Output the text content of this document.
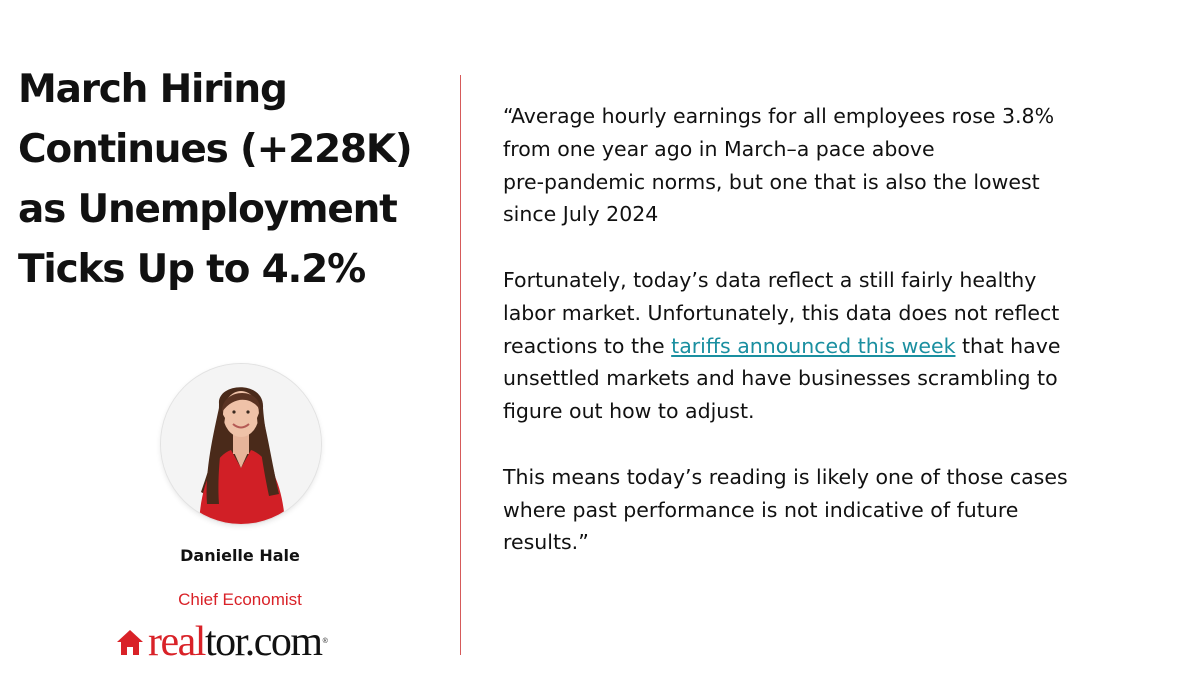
March Hiring
Continues (+228K)
as Unemployment
Ticks Up to 4.2%
Danielle Hale
Chief Economist
realtor.com®

“Average hourly earnings for all employees rose 3.8%
from one year ago in March–a pace above
pre-pandemic norms, but one that is also the lowest
since July 2024

Fortunately, today’s data reflect a still fairly healthy
labor market. Unfortunately, this data does not reflect
reactions to the tariffs announced this week that have
unsettled markets and have businesses scrambling to
figure out how to adjust.

This means today’s reading is likely one of those cases
where past performance is not indicative of future
results.”
